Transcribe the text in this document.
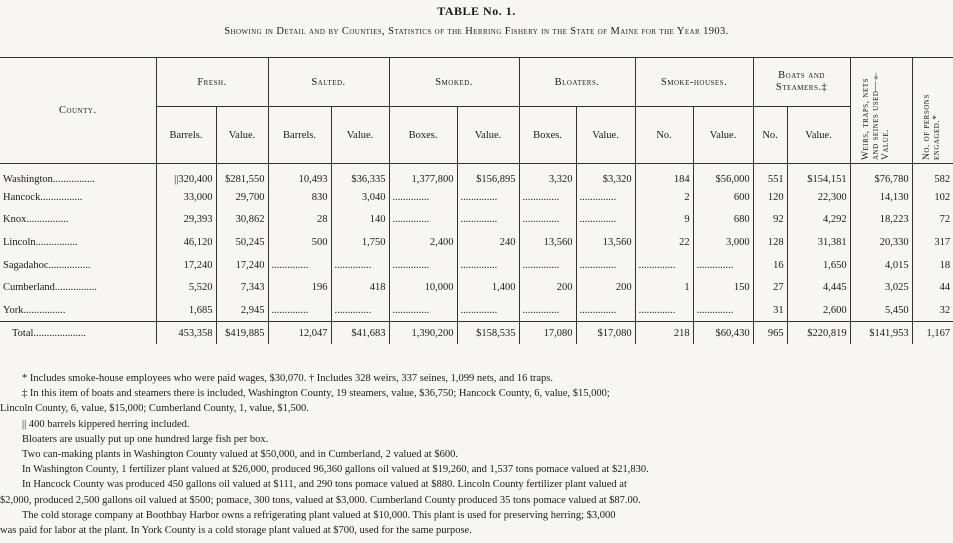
TABLE No. 1.
Showing in Detail and by Counties, Statistics of the Herring Fishery in the State of Maine for the Year 1903.
County.	Fresh.		Salted.		Smoked.		Bloaters.		Smoke-houses.		Boats and Steamers.‡		Weirs, traps, nets and seines used—† Value.	No. of persons engaged.*

	Barrels.	Value.	Barrels.	Value.	Boxes.	Value.	Boxes.	Value.	No.	Value.	No.	Value.		
Washington................	||320,400	$281,550	10,493	$36,335	1,377,800	$156,895	3,320	$3,320	184	$56,000	551	$154,151	$76,780	582
Hancock................	33,000	29,700	830	3,040	..............	..............	..............	..............	2	600	120	22,300	14,130	102
Knox................	29,393	30,862	28	140	..............	..............	..............	..............	9	680	92	4,292	18,223	72
Lincoln................	46,120	50,245	500	1,750	2,400	240	13,560	13,560	22	3,000	128	31,381	20,330	317
Sagadahoc................	17,240	17,240	..............	..............	..............	..............	..............	..............	..............	..............	16	1,650	4,015	18
Cumberland................	5,520	7,343	196	418	10,000	1,400	200	200	1	150	27	4,445	3,025	44
York................	1,685	2,945	..............	..............	..............	..............	..............	..............	..............	..............	31	2,600	5,450	32
Total....................	453,358	$419,885	12,047	$41,683	1,390,200	$158,535	17,080	$17,080	218	$60,430	965	$220,819	$141,953	1,167

* Includes smoke-house employees who were paid wages, $30,070. † Includes 328 weirs, 337 seines, 1,099 nets, and 16 traps.

‡ In this item of boats and steamers there is included, Washington County, 19 steamers, value, $36,750; Hancock County, 6, value, $15,000;

Lincoln County, 6, value, $15,000; Cumberland County, 1, value, $1,500.

|| 400 barrels kippered herring included.

Bloaters are usually put up one hundred large fish per box.

Two can-making plants in Washington County valued at $50,000, and in Cumberland, 2 valued at $600.

In Washington County, 1 fertilizer plant valued at $26,000, produced 96,360 gallons oil valued at $19,260, and 1,537 tons pomace valued at $21,830.

In Hancock County was produced 450 gallons oil valued at $111, and 290 tons pomace valued at $880. Lincoln County fertilizer plant valued at

$2,000, produced 2,500 gallons oil valued at $500; pomace, 300 tons, valued at $3,000. Cumberland County produced 35 tons pomace valued at $87.00.

The cold storage company at Boothbay Harbor owns a refrigerating plant valued at $10,000. This plant is used for preserving herring; $3,000

was paid for labor at the plant. In York County is a cold storage plant valued at $700, used for the same purpose.
